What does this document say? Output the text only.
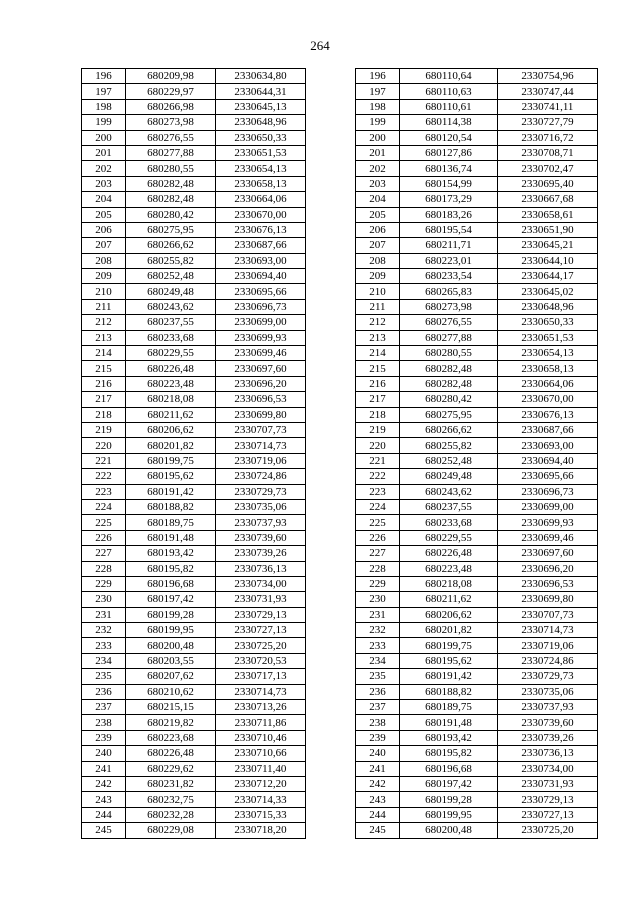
264
196	680209,98	2330634,80		196	680110,64	2330754,96
197	680229,97	2330644,31		197	680110,63	2330747,44
198	680266,98	2330645,13		198	680110,61	2330741,11
199	680273,98	2330648,96		199	680114,38	2330727,79
200	680276,55	2330650,33		200	680120,54	2330716,72
201	680277,88	2330651,53		201	680127,86	2330708,71
202	680280,55	2330654,13		202	680136,74	2330702,47
203	680282,48	2330658,13		203	680154,99	2330695,40
204	680282,48	2330664,06		204	680173,29	2330667,68
205	680280,42	2330670,00		205	680183,26	2330658,61
206	680275,95	2330676,13		206	680195,54	2330651,90
207	680266,62	2330687,66		207	680211,71	2330645,21
208	680255,82	2330693,00		208	680223,01	2330644,10
209	680252,48	2330694,40		209	680233,54	2330644,17
210	680249,48	2330695,66		210	680265,83	2330645,02
211	680243,62	2330696,73		211	680273,98	2330648,96
212	680237,55	2330699,00		212	680276,55	2330650,33
213	680233,68	2330699,93		213	680277,88	2330651,53
214	680229,55	2330699,46		214	680280,55	2330654,13
215	680226,48	2330697,60		215	680282,48	2330658,13
216	680223,48	2330696,20		216	680282,48	2330664,06
217	680218,08	2330696,53		217	680280,42	2330670,00
218	680211,62	2330699,80		218	680275,95	2330676,13
219	680206,62	2330707,73		219	680266,62	2330687,66
220	680201,82	2330714,73		220	680255,82	2330693,00
221	680199,75	2330719,06		221	680252,48	2330694,40
222	680195,62	2330724,86		222	680249,48	2330695,66
223	680191,42	2330729,73		223	680243,62	2330696,73
224	680188,82	2330735,06		224	680237,55	2330699,00
225	680189,75	2330737,93		225	680233,68	2330699,93
226	680191,48	2330739,60		226	680229,55	2330699,46
227	680193,42	2330739,26		227	680226,48	2330697,60
228	680195,82	2330736,13		228	680223,48	2330696,20
229	680196,68	2330734,00		229	680218,08	2330696,53
230	680197,42	2330731,93		230	680211,62	2330699,80
231	680199,28	2330729,13		231	680206,62	2330707,73
232	680199,95	2330727,13		232	680201,82	2330714,73
233	680200,48	2330725,20		233	680199,75	2330719,06
234	680203,55	2330720,53		234	680195,62	2330724,86
235	680207,62	2330717,13		235	680191,42	2330729,73
236	680210,62	2330714,73		236	680188,82	2330735,06
237	680215,15	2330713,26		237	680189,75	2330737,93
238	680219,82	2330711,86		238	680191,48	2330739,60
239	680223,68	2330710,46		239	680193,42	2330739,26
240	680226,48	2330710,66		240	680195,82	2330736,13
241	680229,62	2330711,40		241	680196,68	2330734,00
242	680231,82	2330712,20		242	680197,42	2330731,93
243	680232,75	2330714,33		243	680199,28	2330729,13
244	680232,28	2330715,33		244	680199,95	2330727,13
245	680229,08	2330718,20		245	680200,48	2330725,20
